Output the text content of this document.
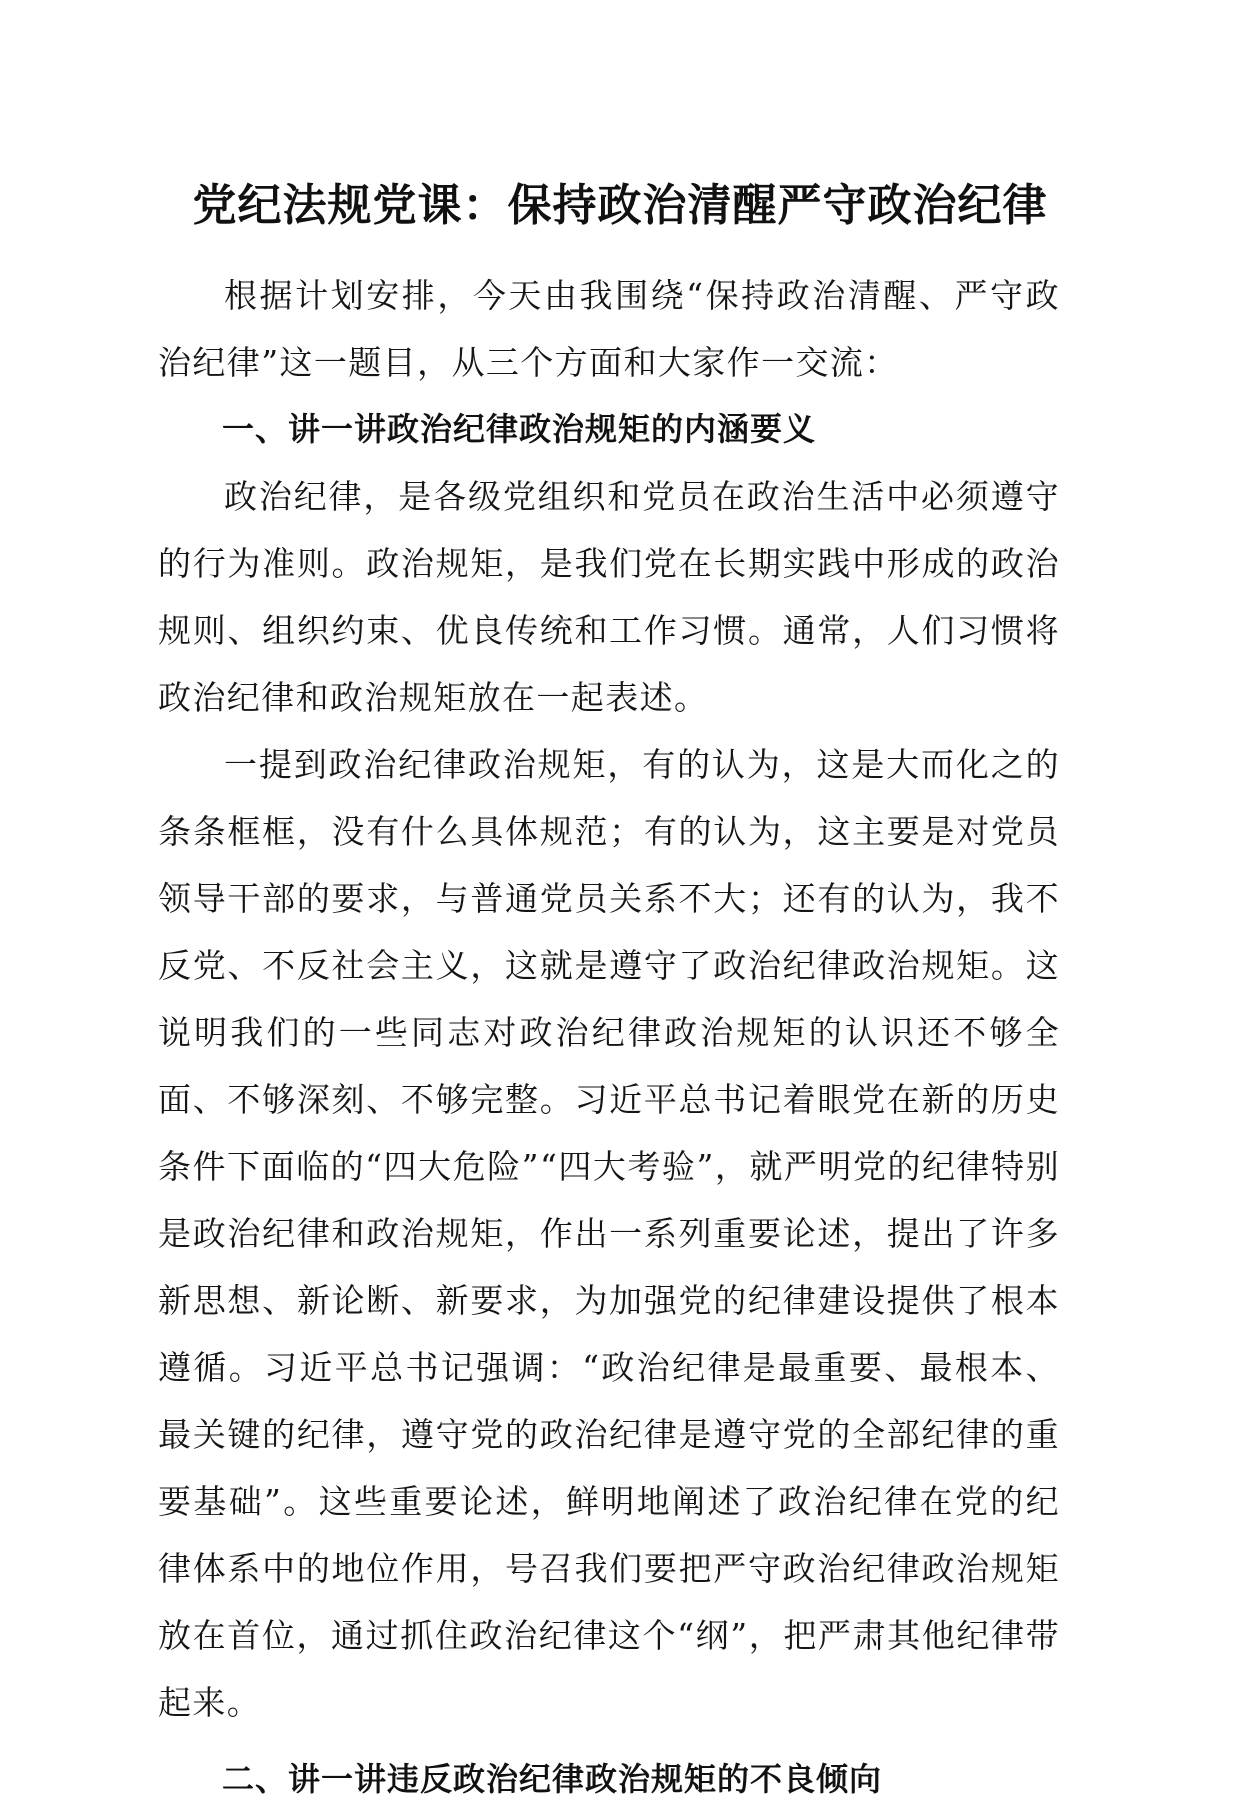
党纪法规党课：保持政治清醒严守政治纪律

根据计划安排，今天由我围绕“保持政治清醒、严守政治纪律”这一题目，从三个方面和大家作一交流：

一、讲一讲政治纪律政治规矩的内涵要义

政治纪律，是各级党组织和党员在政治生活中必须遵守的行为准则。政治规矩，是我们党在长期实践中形成的政治规则、组织约束、优良传统和工作习惯。通常，人们习惯将政治纪律和政治规矩放在一起表述。

一提到政治纪律政治规矩，有的认为，这是大而化之的条条框框，没有什么具体规范；有的认为，这主要是对党员领导干部的要求，与普通党员关系不大；还有的认为，我不反党、不反社会主义，这就是遵守了政治纪律政治规矩。这说明我们的一些同志对政治纪律政治规矩的认识还不够全面、不够深刻、不够完整。习近平总书记着眼党在新的历史条件下面临的“四大危险”“四大考验”，就严明党的纪律特别是政治纪律和政治规矩，作出一系列重要论述，提出了许多新思想、新论断、新要求，为加强党的纪律建设提供了根本遵循。习近平总书记强调：“政治纪律是最重要、最根本、最关键的纪律，遵守党的政治纪律是遵守党的全部纪律的重要基础”。这些重要论述，鲜明地阐述了政治纪律在党的纪律体系中的地位作用，号召我们要把严守政治纪律政治规矩放在首位，通过抓住政治纪律这个“纲”，把严肃其他纪律带起来。

二、讲一讲违反政治纪律政治规矩的不良倾向
